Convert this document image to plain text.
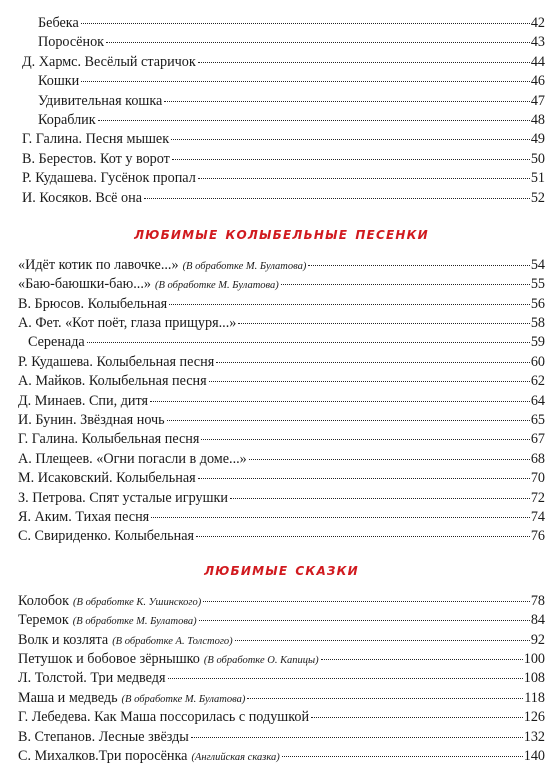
Бебека	42
Поросёнок	43
Д. Хармс. Весёлый старичок	44
Кошки	46
Удивительная кошка	47
Кораблик	48
Г. Галина. Песня мышек	49
В. Берестов. Кот у ворот	50
Р. Кудашева. Гусёнок пропал	51
И. Косяков. Всё она	52
любимые колыбельные песенки
«Идёт котик по лавочке...» (В обработке М. Булатова)	54
«Баю-баюшки-баю...» (В обработке М. Булатова)	55
В. Брюсов. Колыбельная	56
А. Фет. «Кот поёт, глаза прищуря...»	58
Серенада	59
Р. Кудашева. Колыбельная песня	60
А. Майков. Колыбельная песня	62
Д. Минаев. Спи, дитя	64
И. Бунин. Звёздная ночь	65
Г. Галина. Колыбельная песня	67
А. Плещеев. «Огни погасли в доме...»	68
М. Исаковский. Колыбельная	70
З. Петрова. Спят усталые игрушки	72
Я. Аким. Тихая песня	74
С. Свириденко. Колыбельная	76
любимые сказки
Колобок (В обработке К. Ушинского)	78
Теремок (В обработке М. Булатова)	84
Волк и козлята (В обработке А. Толстого)	92
Петушок и бобовое зёрнышко (В обработке О. Капицы)	100
Л. Толстой. Три медведя	108
Маша и медведь (В обработке М. Булатова)	118
Г. Лебедева. Как Маша поссорилась с подушкой	126
В. Степанов. Лесные звёзды	132
С. Михалков.Три поросёнка (Английская сказка)	140
